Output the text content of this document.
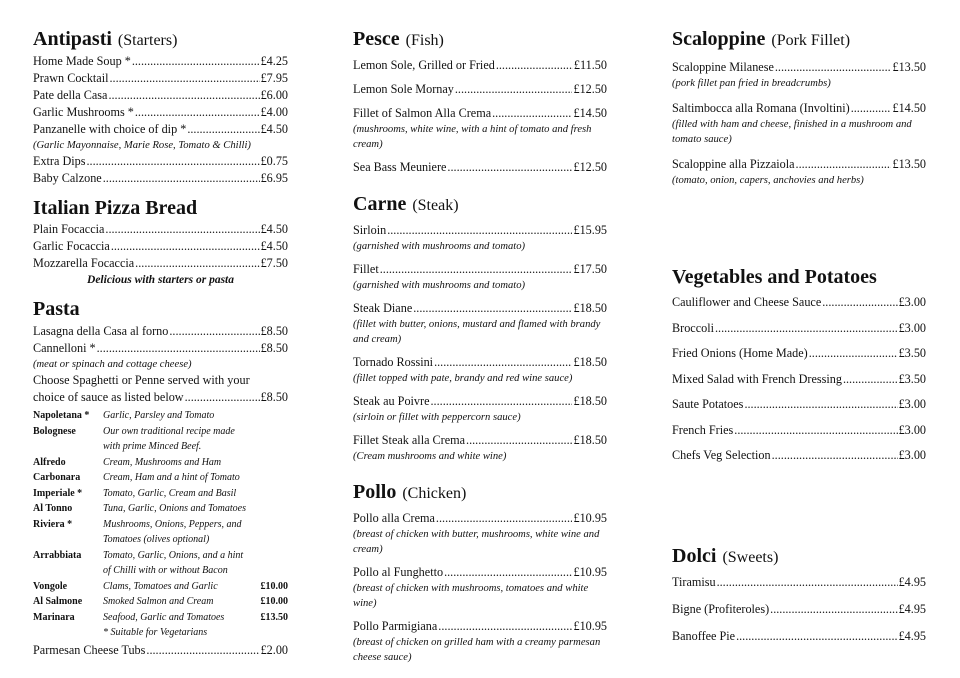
Antipasti (Starters)
Home Made Soup * .....	£4.25
Prawn Cocktail .....	£7.95
Pate della Casa .....	£6.00
Garlic Mushrooms * .....	£4.00
Panzanelle with choice of dip * .....	£4.50
(Garlic Mayonnaise, Marie Rose, Tomato & Chilli)
Extra Dips .....	£0.75
Baby Calzone .....	£6.95
Italian Pizza Bread
Plain Focaccia .....	£4.50
Garlic Focaccia .....	£4.50
Mozzarella Focaccia .....	£7.50
Delicious with starters or pasta
Pasta
Lasagna della Casa al forno .....	£8.50
Cannelloni * .....	£8.50
(meat or spinach and cottage cheese)
Choose Spaghetti or Penne served with your
choice of sauce as listed below .....	£8.50
Napoletana *	Garlic, Parsley and Tomato
Bolognese	Our own traditional recipe made with prime Minced Beef.
Alfredo	Cream, Mushrooms and Ham
Carbonara	Cream, Ham and a hint of Tomato
Imperiale *	Tomato, Garlic, Cream and Basil
Al Tonno	Tuna, Garlic, Onions and Tomatoes
Riviera *	Mushrooms, Onions, Peppers, and Tomatoes (olives optional)
Arrabbiata	Tomato, Garlic, Onions, and a hint of Chilli with or without Bacon
Vongole	Clams, Tomatoes and Garlic	£10.00
Al Salmone	Smoked Salmon and Cream	£10.00
Marinara	Seafood, Garlic and Tomatoes	£13.50
* Suitable for Vegetarians
Parmesan Cheese Tubs .....	£2.00
Pesce (Fish)
Lemon Sole, Grilled or Fried .....	£11.50
Lemon Sole Mornay .....	£12.50
Fillet of Salmon Alla Crema .....	£14.50
(mushrooms, white wine, with a hint of tomato and fresh cream)
Sea Bass Meuniere .....	£12.50
Carne (Steak)
Sirloin .....	£15.95
(garnished with mushrooms and tomato)
Fillet .....	£17.50
(garnished with mushrooms and tomato)
Steak Diane .....	£18.50
(fillet with butter, onions, mustard and flamed with brandy and cream)
Tornado Rossini .....	£18.50
(fillet topped with pate, brandy and red wine sauce)
Steak au Poivre .....	£18.50
(sirloin or fillet with peppercorn sauce)
Fillet Steak alla Crema .....	£18.50
(Cream mushrooms and white wine)
Pollo (Chicken)
Pollo alla Crema .....	£10.95
(breast of chicken with butter, mushrooms, white wine and cream)
Pollo al Funghetto .....	£10.95
(breast of chicken with mushrooms, tomatoes and white wine)
Pollo Parmigiana .....	£10.95
(breast of chicken on grilled ham with a creamy parmesan cheese sauce)
Scaloppine (Pork Fillet)
Scaloppine Milanese .....	£13.50
(pork fillet pan fried in breadcrumbs)
Saltimbocca alla Romana (Involtini) .....	£14.50
(filled with ham and cheese, finished in a mushroom and tomato sauce)
Scaloppine alla Pizzaiola .....	£13.50
(tomato, onion, capers, anchovies and herbs)
Vegetables and Potatoes
Cauliflower and Cheese Sauce .....	£3.00
Broccoli .....	£3.00
Fried Onions (Home Made) .....	£3.50
Mixed Salad with French Dressing .....	£3.50
Saute Potatoes .....	£3.00
French Fries .....	£3.00
Chefs Veg Selection .....	£3.00
Dolci (Sweets)
Tiramisu .....	£4.95
Bigne (Profiteroles) .....	£4.95
Banoffee Pie .....	£4.95
